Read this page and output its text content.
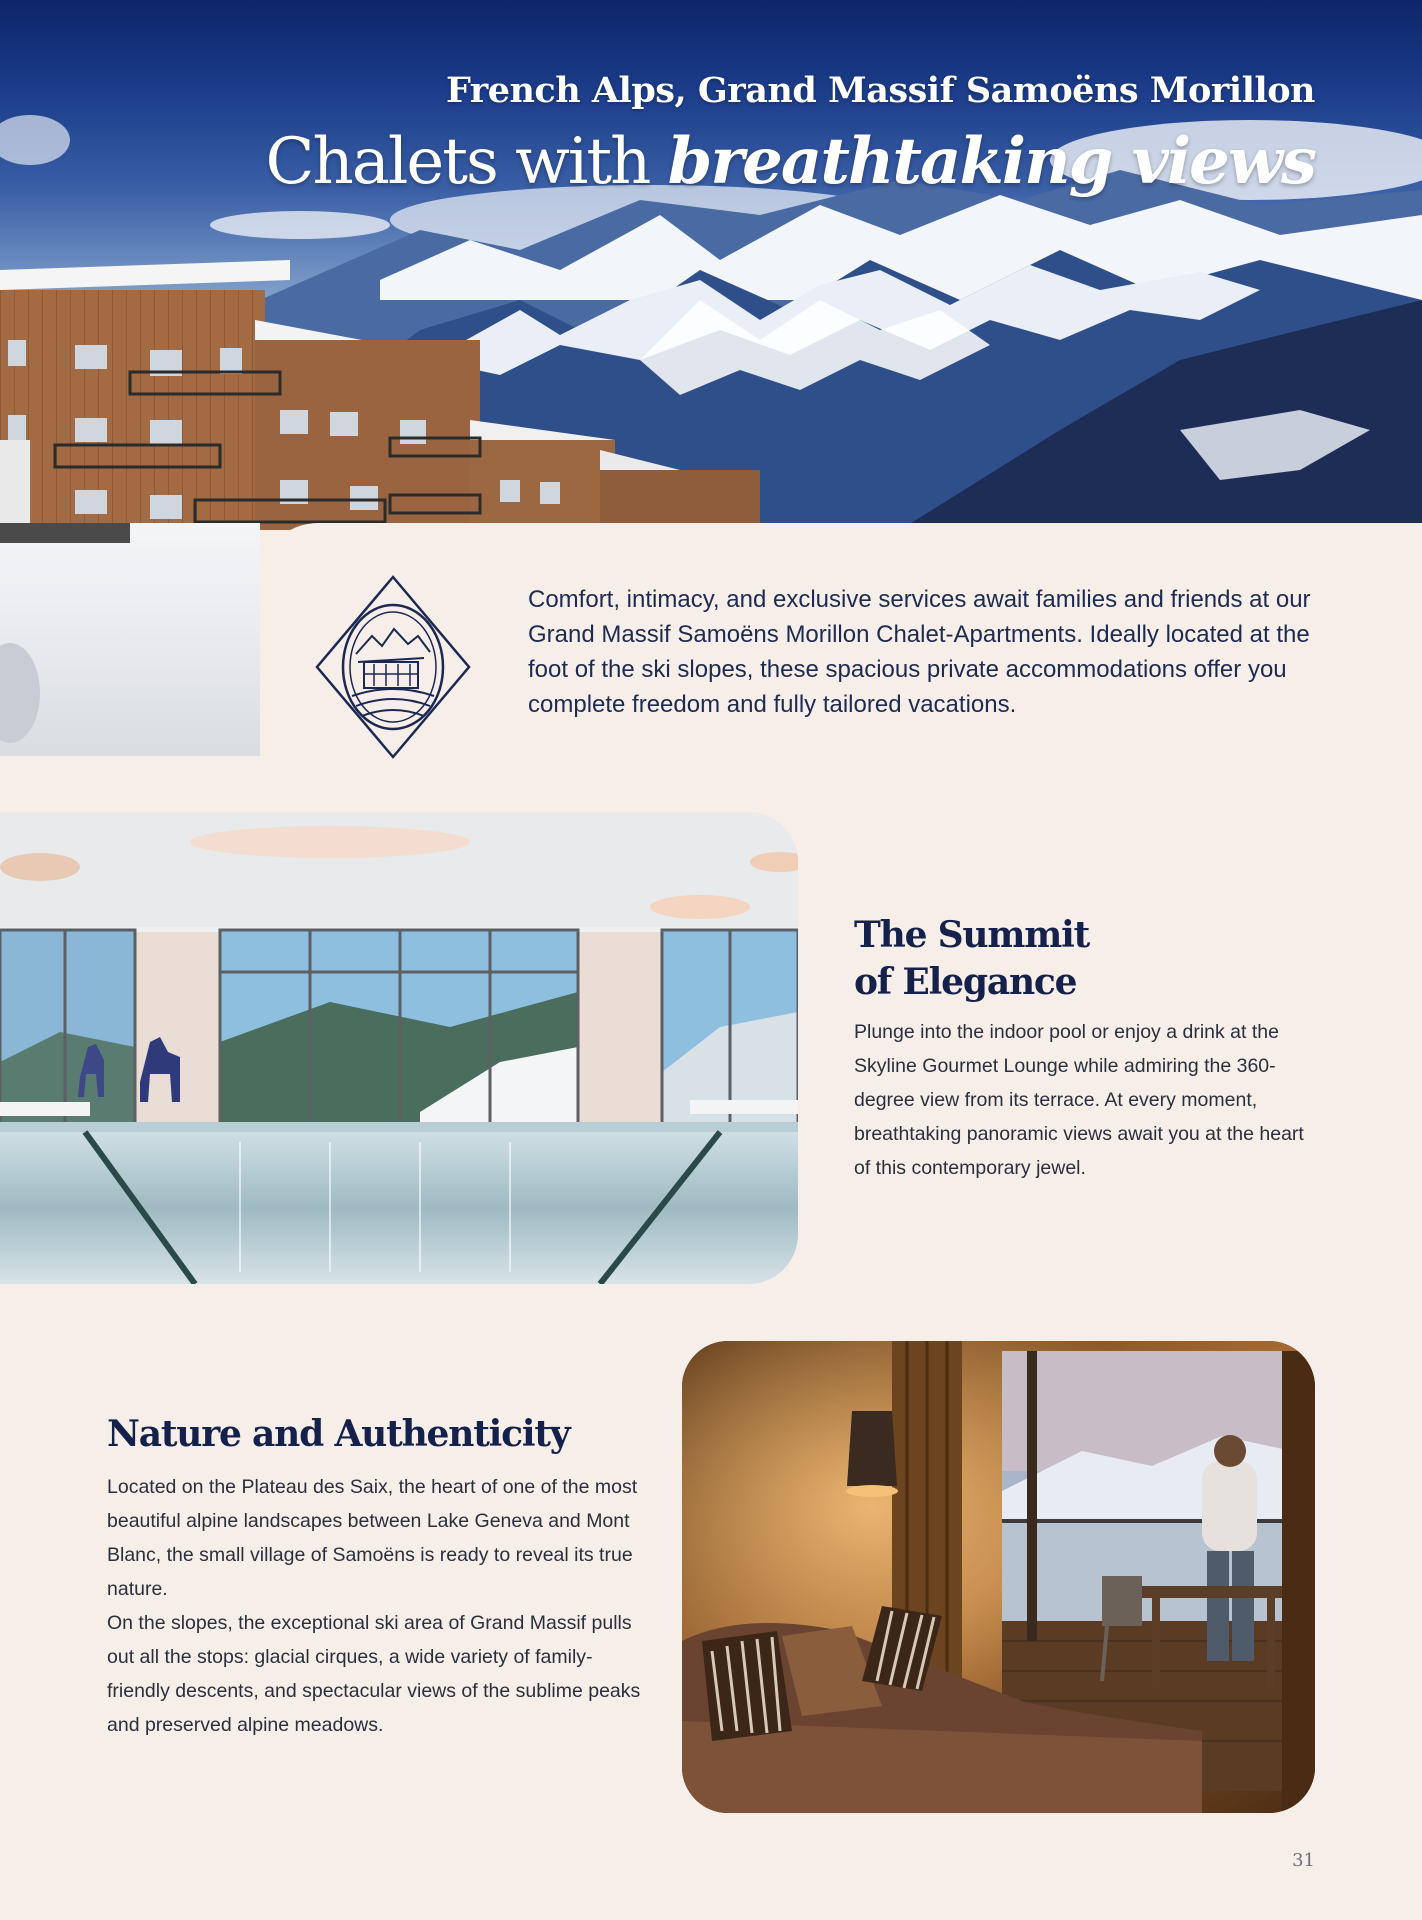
French Alps, Grand Massif Samoëns Morillon
Chalets with breathtaking views
Comfort, intimacy, and exclusive services await families and friends at our Grand Massif Samoëns Morillon Chalet-Apartments. Ideally located at the foot of the ski slopes, these spacious private accommodations offer you complete freedom and fully tailored vacations.
The Summit
of Elegance
Plunge into the indoor pool or enjoy a drink at the Skyline Gourmet Lounge while admiring the 360-degree view from its terrace. At every moment, breathtaking panoramic views await you at the heart of this contemporary jewel.
Nature and Authenticity

Located on the Plateau des Saix, the heart of one of the most beautiful alpine landscapes between Lake Geneva and Mont Blanc, the small village of Samoëns is ready to reveal its true nature.

On the slopes, the exceptional ski area of Grand Massif pulls out all the stops: glacial cirques, a wide variety of family-friendly descents, and spectacular views of the sublime peaks and preserved alpine meadows.

31
